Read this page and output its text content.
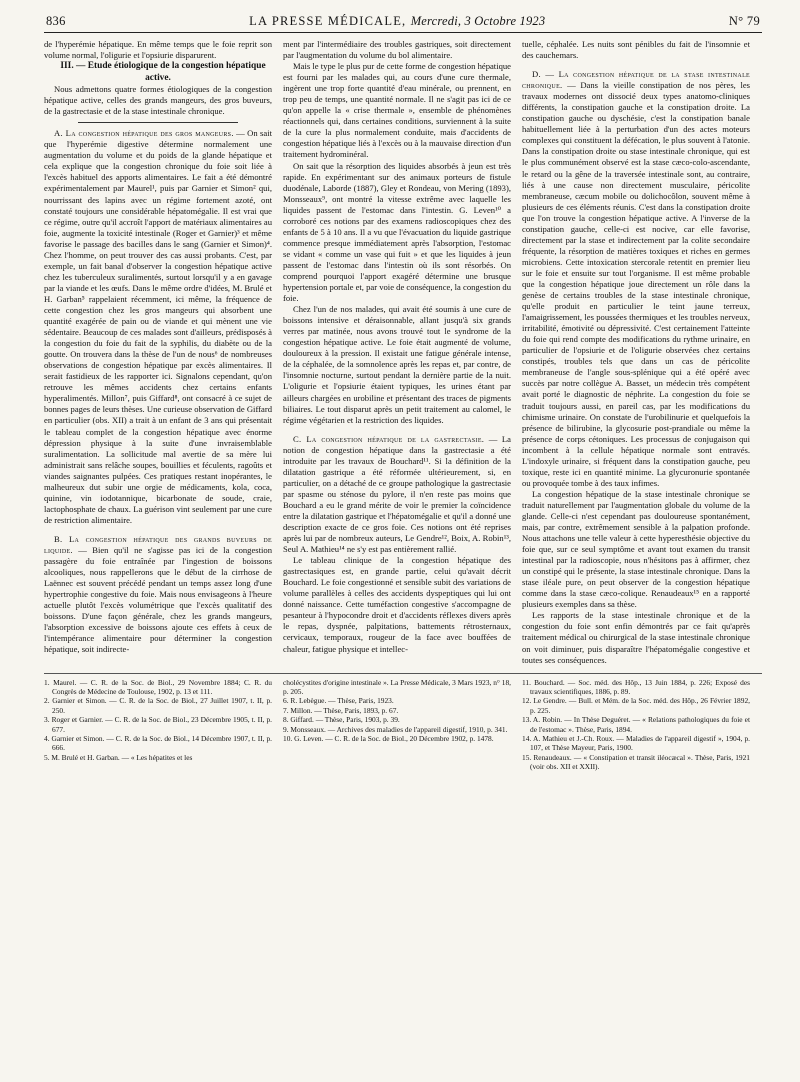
836	LA PRESSE MÉDICALE, Mercredi, 3 Octobre 1923	N° 79

de l'hyperémie hépatique. En même temps que le foie reprit son volume normal, l'oligurie et l'opsiurie disparurent.

III. — Etude étiologique de la congestion hépatique active.

Nous admettons quatre formes étiologiques de la congestion hépatique active, celles des grands mangeurs, des gros buveurs, de la gastrectasie et de la stase intestinale chronique.

A. La congestion hépatique des gros mangeurs. — On sait que l'hyperémie digestive détermine normalement une augmentation du volume et du poids de la glande hépatique et cela explique que la congestion chronique du foie soit liée à l'excès habituel des apports alimentaires. Le fait a été démontré expérimentalement par Maurel¹, puis par Garnier et Simon² qui, nourrissant des lapins avec un régime fortement azoté, ont constaté toujours une considérable hépatomégalie. Il est vrai que ce régime, outre qu'il accroît l'apport de matériaux alimentaires au foie, augmente la toxicité intestinale (Roger et Garnier)³ et même favorise le passage des bacilles dans le sang (Garnier et Simon)⁴. Chez l'homme, on peut trouver des cas aussi probants. C'est, par exemple, un fait banal d'observer la congestion hépatique active chez les tuberculeux suralimentés, surtout lorsqu'il y a en gavage par la viande et les œufs. Dans le même ordre d'idées, M. Brulé et H. Garban⁵ rappelaient récemment, ici même, la fréquence de cette congestion chez les gros mangeurs qui absorbent une quantité exagérée de pain ou de viande et qui mènent une vie sédentaire. Beaucoup de ces malades sont d'ailleurs, prédisposés à la congestion du foie du fait de la syphilis, du diabète ou de la goutte. On trouvera dans la thèse de l'un de nous⁶ de nombreuses observations de congestion hépatique par excès alimentaires. Il serait fastidieux de les rapporter ici. Signalons cependant, qu'on retrouve les mêmes accidents chez certains enfants hyperalimentés. Millon⁷, puis Giffard⁸, ont consacré à ce sujet de bonnes pages de leurs thèses. Une curieuse observation de Giffard en particulier (obs. XII) a trait à un enfant de 3 ans qui présentait le tableau complet de la congestion hépatique avec énorme dépression physique à la suite d'une invraisemblable suralimentation. La sollicitude mal avertie de sa mère lui administrait sans relâche soupes, bouillies et féculents, ragoûts et viandes saignantes pulpées. Ces pratiques restant inopérantes, le malheureux dut subir une orgie de médicaments, kola, coca, quinine, vin iodotannique, bicarbonate de soude, craie, lactophosphate de chaux. La guérison vint seulement par une cure de restriction alimentaire.

B. La congestion hépatique des grands buveurs de liquide. — Bien qu'il ne s'agisse pas ici de la congestion passagère du foie entraînée par l'ingestion de boissons alcooliques, nous rappellerons que le début de la cirrhose de Laënnec est souvent précédé pendant un temps assez long d'une hypertrophie congestive du foie. Mais nous envisageons à l'heure actuelle plutôt l'excès volumétrique que l'excès qualitatif des boissons. D'une façon générale, chez les grands mangeurs, l'absorption excessive de boissons ajoute ces effets à ceux de l'intempérance alimentaire pour déterminer la congestion hépatique, soit indirecte-

ment par l'intermédiaire des troubles gastriques, soit directement par l'augmentation du volume du bol alimentaire.

Mais le type le plus pur de cette forme de congestion hépatique est fourni par les malades qui, au cours d'une cure thermale, ingèrent une trop forte quantité d'eau minérale, ou prennent, en trop peu de temps, une quantité normale. Il ne s'agit pas ici de ce qu'on appelle la « crise thermale », ensemble de phénomènes réactionnels qui, dans certaines conditions, surviennent à la suite de la cure la plus normalement conduite, mais d'accidents de congestion hépatique liés à l'excès ou à la mauvaise direction d'un traitement hydrominéral.

On sait que la résorption des liquides absorbés à jeun est très rapide. En expérimentant sur des animaux porteurs de fistule duodénale, Laborde (1887), Gley et Rondeau, von Mering (1893), Monsseaux⁹, ont montré la vitesse extrême avec laquelle les liquides passent de l'estomac dans l'intestin. G. Leven¹⁰ a corroboré ces notions par des examens radioscopiques chez des enfants de 5 à 10 ans. Il a vu que l'évacuation du liquide gastrique commence presque immédiatement après l'absorption, l'estomac se vidant « comme un vase qui fuit » et que les liquides à jeun passent de l'estomac dans l'intestin où ils sont résorbés. On comprend pourquoi l'apport exagéré détermine une brusque hypertension portale et, par voie de conséquence, la congestion du foie.

Chez l'un de nos malades, qui avait été soumis à une cure de boissons intensive et déraisonnable, allant jusqu'à six grands verres par matinée, nous avons trouvé tout le syndrome de la congestion hépatique active. Le foie était augmenté de volume, douloureux à la pression. Il existait une fatigue générale intense, de la céphalée, de la somnolence après les repas et, par contre, de l'insomnie nocturne, surtout pendant la dernière partie de la nuit. L'oligurie et l'opsiurie étaient typiques, les urines étant par ailleurs chargées en urobiline et présentant des traces de pigments biliaires. Le tout disparut après un petit traitement au calomel, le régime végétarien et la restriction des liquides.

C. La congestion hépatique de la gastrectasie. — La notion de congestion hépatique dans la gastrectasie a été introduite par les travaux de Bouchard¹¹. Si la définition de la dilatation gastrique a été réformée ultérieurement, si, en particulier, on a détaché de ce groupe pathologique la gastrectasie par spasme ou sténose du pylore, il n'en reste pas moins que Bouchard a eu le grand mérite de voir le premier la coïncidence entre la dilatation gastrique et l'hépatomégalie et qu'il a donné une description exacte de ce gros foie. Ces notions ont été reprises après lui par de nombreux auteurs, Le Gendre¹², Boix, A. Robin¹³, Seul A. Mathieu¹⁴ ne s'y est pas entièrement rallié.

Le tableau clinique de la congestion hépatique des gastrectasiques est, en grande partie, celui qu'avait décrit Bouchard. Le foie congestionné et sensible subit des variations de volume parallèles à celles des accidents dyspeptiques qui lui ont donné naissance. Cette tuméfaction congestive s'accompagne de pesanteur à l'hypocondre droit et d'accidents réflexes divers après le repas, dyspnée, palpitations, battements rétrosternaux, cervicaux, temporaux, rougeur de la face avec bouffées de chaleur, fatigue physique et intellec-

tuelle, céphalée. Les nuits sont pénibles du fait de l'insomnie et des cauchemars.

D. — La congestion hépatique de la stase intestinale chronique. — Dans la vieille constipation de nos pères, les travaux modernes ont dissocié deux types anatomo-cliniques différents, la constipation gauche et la constipation droite. La constipation gauche ou dyschésie, c'est la constipation banale habituellement liée à la perturbation d'un des actes moteurs complexes qui constituent la défécation, le plus souvent à l'atonie. Dans la constipation droite ou stase intestinale chronique, qui est le plus communément observé est la stase cæco-colo-ascendante, le retard ou la gêne de la traversée intestinale sont, au contraire, liés à une cause non directement musculaire, péricolite membraneuse, cæcum mobile ou dolichocôlon, souvent même à plusieurs de ces éléments réunis. C'est dans la constipation droite que l'on trouve la congestion hépatique active. A l'inverse de la constipation gauche, celle-ci est nocive, car elle favorise, directement par la stase et indirectement par la colite secondaire fréquente, la résorption de matières toxiques et riches en germes microbiens. Cette intoxication stercorale retentit en premier lieu sur le foie et ensuite sur tout l'organisme. Il est même probable que la congestion hépatique joue directement un rôle dans la genèse de certains troubles de la stase intestinale chronique, qu'elle produit en particulier le teint jaune terreux, l'amaigrissement, les poussées thermiques et les troubles nerveux, irritabilité, émotivité ou dépressivité. C'est certainement l'atteinte du foie qui rend compte des modifications du rythme urinaire, en particulier de l'opsiurie et de l'oligurie observées chez certains constipés, troubles tels que dans un cas de péricolite membraneuse de l'angle sous-splénique qui a été opéré avec succès par notre collègue A. Basset, un médecin très compétent avait porté le diagnostic de néphrite. La congestion du foie se traduit toujours aussi, en pareil cas, par les modifications du chimisme urinaire. On constate de l'urobilinurie et quelquefois la présence de bilirubine, la glycosurie post-prandiale ou même la présence de corps cétoniques. Les processus de conjugaison qui incombent à la cellule hépatique normale sont entravés. L'indoxyle urinaire, si fréquent dans la constipation gauche, peu toxique, reste ici en quantité minime. La glycuronurie spontanée ou provoquée tombe à des taux infimes.

La congestion hépatique de la stase intestinale chronique se traduit naturellement par l'augmentation globale du volume de la glande. Celle-ci n'est cependant pas douloureuse spontanément, mais, par contre, extrêmement sensible à la palpation profonde. Nous attachons une telle valeur à cette hyperesthésie objective du foie que, sur ce seul symptôme et avant tout examen du transit intestinal par la radioscopie, nous n'hésitons pas à affirmer, chez un constipé qui le présente, la stase intestinale chronique. Dans la stase iléale pure, on peut observer de la congestion hépatique comme dans la stase cæco-colique. Renaudeaux¹⁵ en a rapporté plusieurs exemples dans sa thèse.

Les rapports de la stase intestinale chronique et de la congestion du foie sont enfin démontrés par ce fait qu'après traitement médical ou chirurgical de la stase intestinale chronique on voit diminuer, puis disparaître l'hépatomégalie congestive et toutes ses conséquences.

1. Maurel. — C. R. de la Soc. de Biol., 29 Novembre 1884; C. R. du Congrès de Médecine de Toulouse, 1902, p. 13 et 111.

2. Garnier et Simon. — C. R. de la Soc. de Biol., 27 Juillet 1907, t. II, p. 250.

3. Roger et Garnier. — C. R. de la Soc. de Biol., 23 Décembre 1905, t. II, p. 677.

4. Garnier et Simon. — C. R. de la Soc. de Biol., 14 Décembre 1907, t. II, p. 666.

5. M. Brulé et H. Garban. — « Les hépatites et les

cholécystites d'origine intestinale ». La Presse Médicale, 3 Mars 1923, n° 18, p. 205.

6. R. Lebègue. — Thèse, Paris, 1923.

7. Millon. — Thèse, Paris, 1893, p. 67.

8. Giffard. — Thèse, Paris, 1903, p. 39.

9. Monsseaux. — Archives des maladies de l'appareil digestif, 1910, p. 341.

10. G. Leven. — C. R. de la Soc. de Biol., 20 Décembre 1902, p. 1478.

11. Bouchard. — Soc. méd. des Hôp., 13 Juin 1884, p. 226; Exposé des travaux scientifiques, 1886, p. 89.

12. Le Gendre. — Bull. et Mém. de la Soc. méd. des Hôp., 26 Février 1892, p. 225.

13. A. Robin. — In Thèse Deguéret. — « Relations pathologiques du foie et de l'estomac ». Thèse, Paris, 1894.

14. A. Mathieu et J.-Ch. Roux. — Maladies de l'appareil digestif », 1904, p. 107, et Thèse Mayeur, Paris, 1900.

15. Renaudeaux. — « Constipation et transit iléocæcal ». Thèse, Paris, 1921 (voir obs. XII et XXII).
